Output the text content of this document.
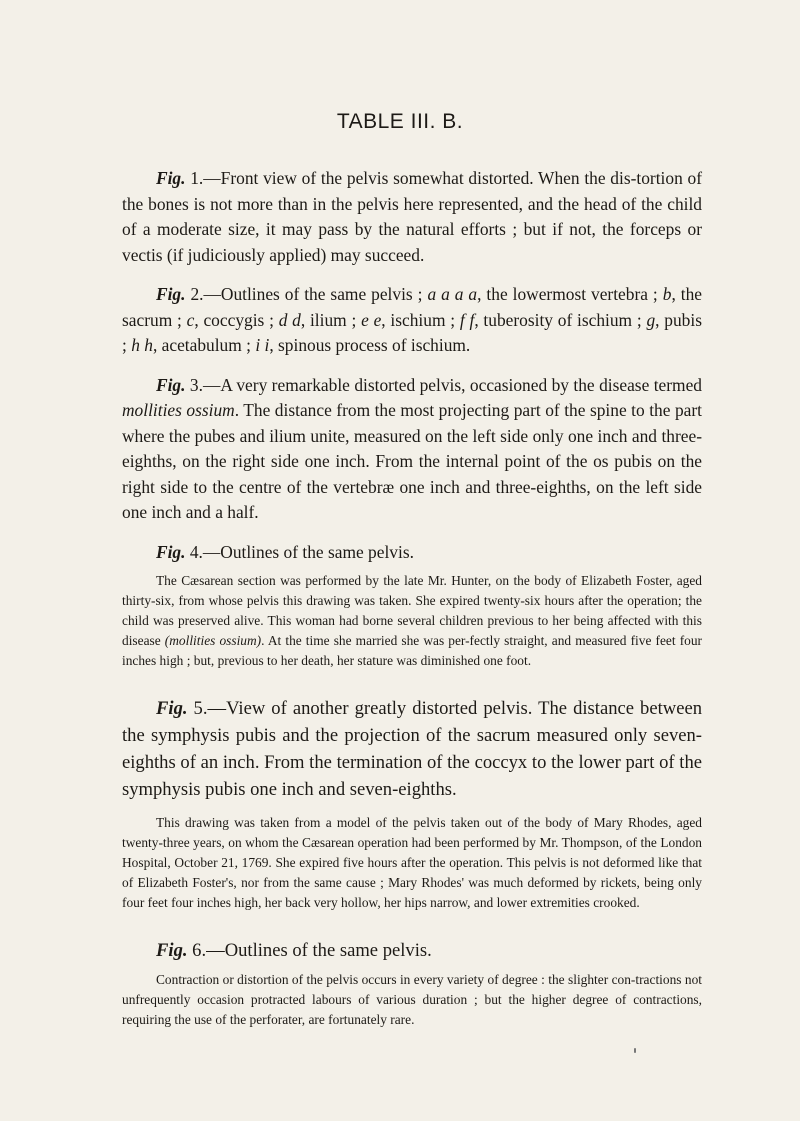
TABLE III. B.

Fig. 1.—Front view of the pelvis somewhat distorted. When the dis-tortion of the bones is not more than in the pelvis here represented, and the head of the child of a moderate size, it may pass by the natural efforts ; but if not, the forceps or vectis (if judiciously applied) may succeed.

Fig. 2.—Outlines of the same pelvis ; a a a a, the lowermost vertebra ; b, the sacrum ; c, coccygis ; d d, ilium ; e e, ischium ; f f, tuberosity of ischium ; g, pubis ; h h, acetabulum ; i i, spinous process of ischium.

Fig. 3.—A very remarkable distorted pelvis, occasioned by the disease termed mollities ossium. The distance from the most projecting part of the spine to the part where the pubes and ilium unite, measured on the left side only one inch and three-eighths, on the right side one inch. From the internal point of the os pubis on the right side to the centre of the vertebræ one inch and three-eighths, on the left side one inch and a half.

Fig. 4.—Outlines of the same pelvis.

The Cæsarean section was performed by the late Mr. Hunter, on the body of Elizabeth Foster, aged thirty-six, from whose pelvis this drawing was taken. She expired twenty-six hours after the operation; the child was preserved alive. This woman had borne several children previous to her being affected with this disease (mollities ossium). At the time she married she was per-fectly straight, and measured five feet four inches high ; but, previous to her death, her stature was diminished one foot.

Fig. 5.—View of another greatly distorted pelvis. The distance between the symphysis pubis and the projection of the sacrum measured only seven-eighths of an inch. From the termination of the coccyx to the lower part of the symphysis pubis one inch and seven-eighths.

This drawing was taken from a model of the pelvis taken out of the body of Mary Rhodes, aged twenty-three years, on whom the Cæsarean operation had been performed by Mr. Thompson, of the London Hospital, October 21, 1769. She expired five hours after the operation. This pelvis is not deformed like that of Elizabeth Foster's, nor from the same cause ; Mary Rhodes' was much deformed by rickets, being only four feet four inches high, her back very hollow, her hips narrow, and lower extremities crooked.

Fig. 6.—Outlines of the same pelvis.

Contraction or distortion of the pelvis occurs in every variety of degree : the slighter con-tractions not unfrequently occasion protracted labours of various duration ; but the higher degree of contractions, requiring the use of the perforater, are fortunately rare.
